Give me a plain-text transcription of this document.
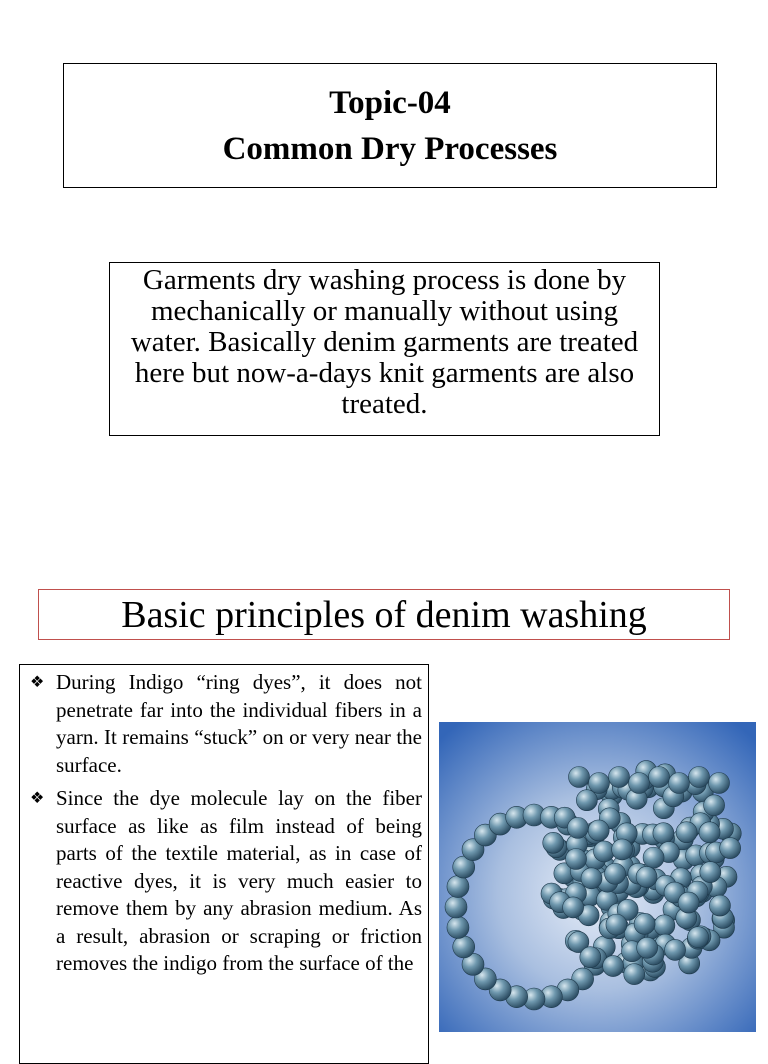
Topic-04
Common Dry Processes
Garments dry washing process is done by mechanically or manually without using water. Basically denim garments are treated here but now-a-days knit garments are also treated.
Basic principles of denim washing
❖ During Indigo “ring dyes”, it does not penetrate far into the individual fibers in a yarn. It remains “stuck” on or very near the surface.
❖ Since the dye molecule lay on the fiber surface as like as film instead of being parts of the textile material, as in case of reactive dyes, it is very much easier to remove them by any abrasion medium. As a result, abrasion or scraping or friction removes the indigo from the surface of the
